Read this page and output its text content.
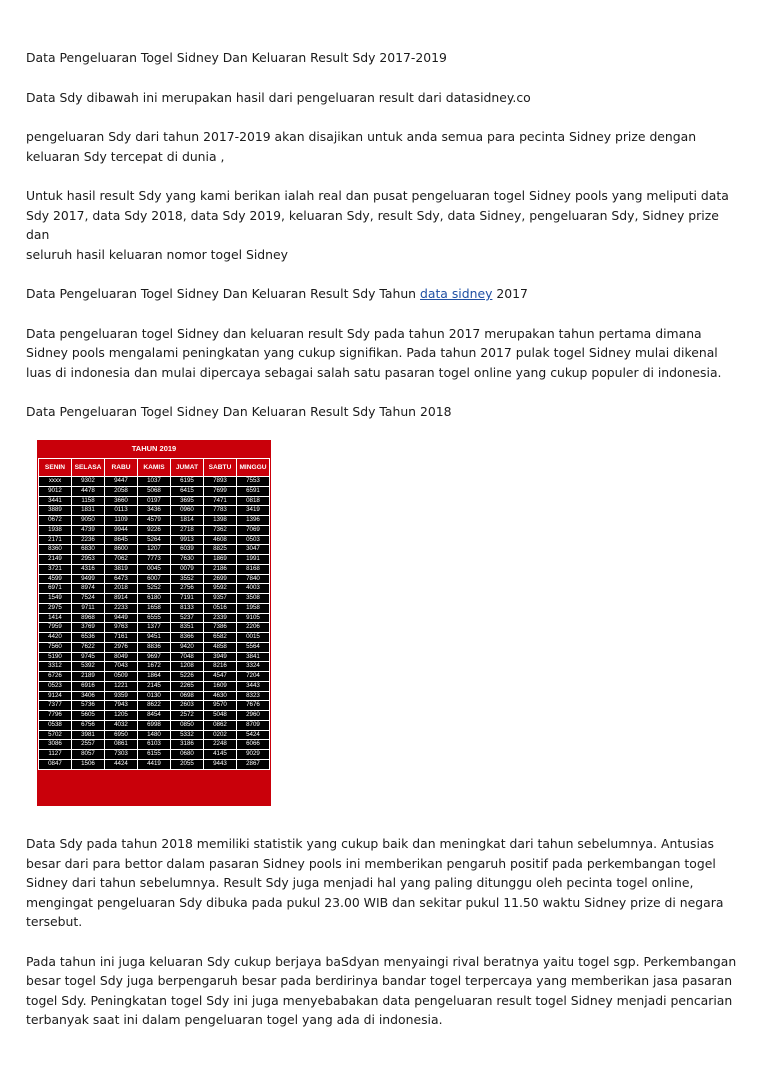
Data Pengeluaran Togel Sidney Dan Keluaran Result Sdy 2017-2019

Data Sdy dibawah ini merupakan hasil dari pengeluaran result dari datasidney.co

pengeluaran Sdy dari tahun 2017-2019 akan disajikan untuk anda semua para pecinta Sidney prize dengan

keluaran Sdy tercepat di dunia ,

Untuk hasil result Sdy yang kami berikan ialah real dan pusat pengeluaran togel Sidney pools yang meliputi data

Sdy 2017, data Sdy 2018, data Sdy 2019, keluaran Sdy, result Sdy, data Sidney, pengeluaran Sdy, Sidney prize dan

seluruh hasil keluaran nomor togel Sidney

Data Pengeluaran Togel Sidney Dan Keluaran Result Sdy Tahun data sidney 2017

Data pengeluaran togel Sidney dan keluaran result Sdy pada tahun 2017 merupakan tahun pertama dimana

Sidney pools mengalami peningkatan yang cukup signifikan. Pada tahun 2017 pulak togel Sidney mulai dikenal

luas di indonesia dan mulai dipercaya sebagai salah satu pasaran togel online yang cukup populer di indonesia.

Data Pengeluaran Togel Sidney Dan Keluaran Result Sdy Tahun 2018

TAHUN 2019
SENIN	SELASA	RABU	KAMIS	JUMAT	SABTU	MINGGU
xxxx	9302	9447	1037	6195	7893	7553
9012	4478	2058	5068	6415	7699	6591
3441	1158	3660	0197	3695	7471	0818
3889	1831	0113	3436	0960	7783	3419
0672	9050	1109	4579	1814	1398	1396
1938	4739	9944	9226	2718	7362	7069
2171	2236	8645	5264	9913	4608	0503
8360	6830	8600	1207	6039	8825	3047
2149	2953	7062	7773	7630	1869	1991
3721	4316	3819	0045	0079	2186	8168
4599	9499	6473	6007	3552	2699	7840
6971	8974	2018	5252	2756	9592	4003
1549	7524	8914	6180	7191	9357	3508
2975	9711	2233	1658	8133	0516	1958
1414	8968	9449	6555	5237	2339	9105
7959	3769	9763	1377	8351	7386	2206
4420	6536	7161	9451	8366	6582	0015
7560	7622	2976	8836	9420	4858	5564
5190	9745	8049	9697	7048	3949	3841
3312	5392	7043	1672	1208	8216	3324
6726	2189	0509	1864	5226	4547	7204
0523	6916	1221	2145	2265	1609	3443
9124	3406	9359	0130	0698	4630	8323
7377	5736	7943	8622	2603	9570	7676
7796	5605	1205	8454	2572	5048	2960
0538	6756	4032	6998	0850	0862	8709
5702	3981	6950	1480	5332	0202	5424
3086	2557	0861	6103	3186	2248	6066
1127	8057	7303	6155	0680	4145	9029
0847	1506	4424	4419	2055	9443	2867

Data Sdy pada tahun 2018 memiliki statistik yang cukup baik dan meningkat dari tahun sebelumnya. Antusias

besar dari para bettor dalam pasaran Sidney pools ini memberikan pengaruh positif pada perkembangan togel

Sidney dari tahun sebelumnya. Result Sdy juga menjadi hal yang paling ditunggu oleh pecinta togel online,

mengingat pengeluaran Sdy dibuka pada pukul 23.00 WIB dan sekitar pukul 11.50 waktu Sidney prize di negara

tersebut.

Pada tahun ini juga keluaran Sdy cukup berjaya baSdyan menyaingi rival beratnya yaitu togel sgp. Perkembangan

besar togel Sdy juga berpengaruh besar pada berdirinya bandar togel terpercaya yang memberikan jasa pasaran

togel Sdy. Peningkatan togel Sdy ini juga menyebabakan data pengeluaran result togel Sidney menjadi pencarian

terbanyak saat ini dalam pengeluaran togel yang ada di indonesia.
